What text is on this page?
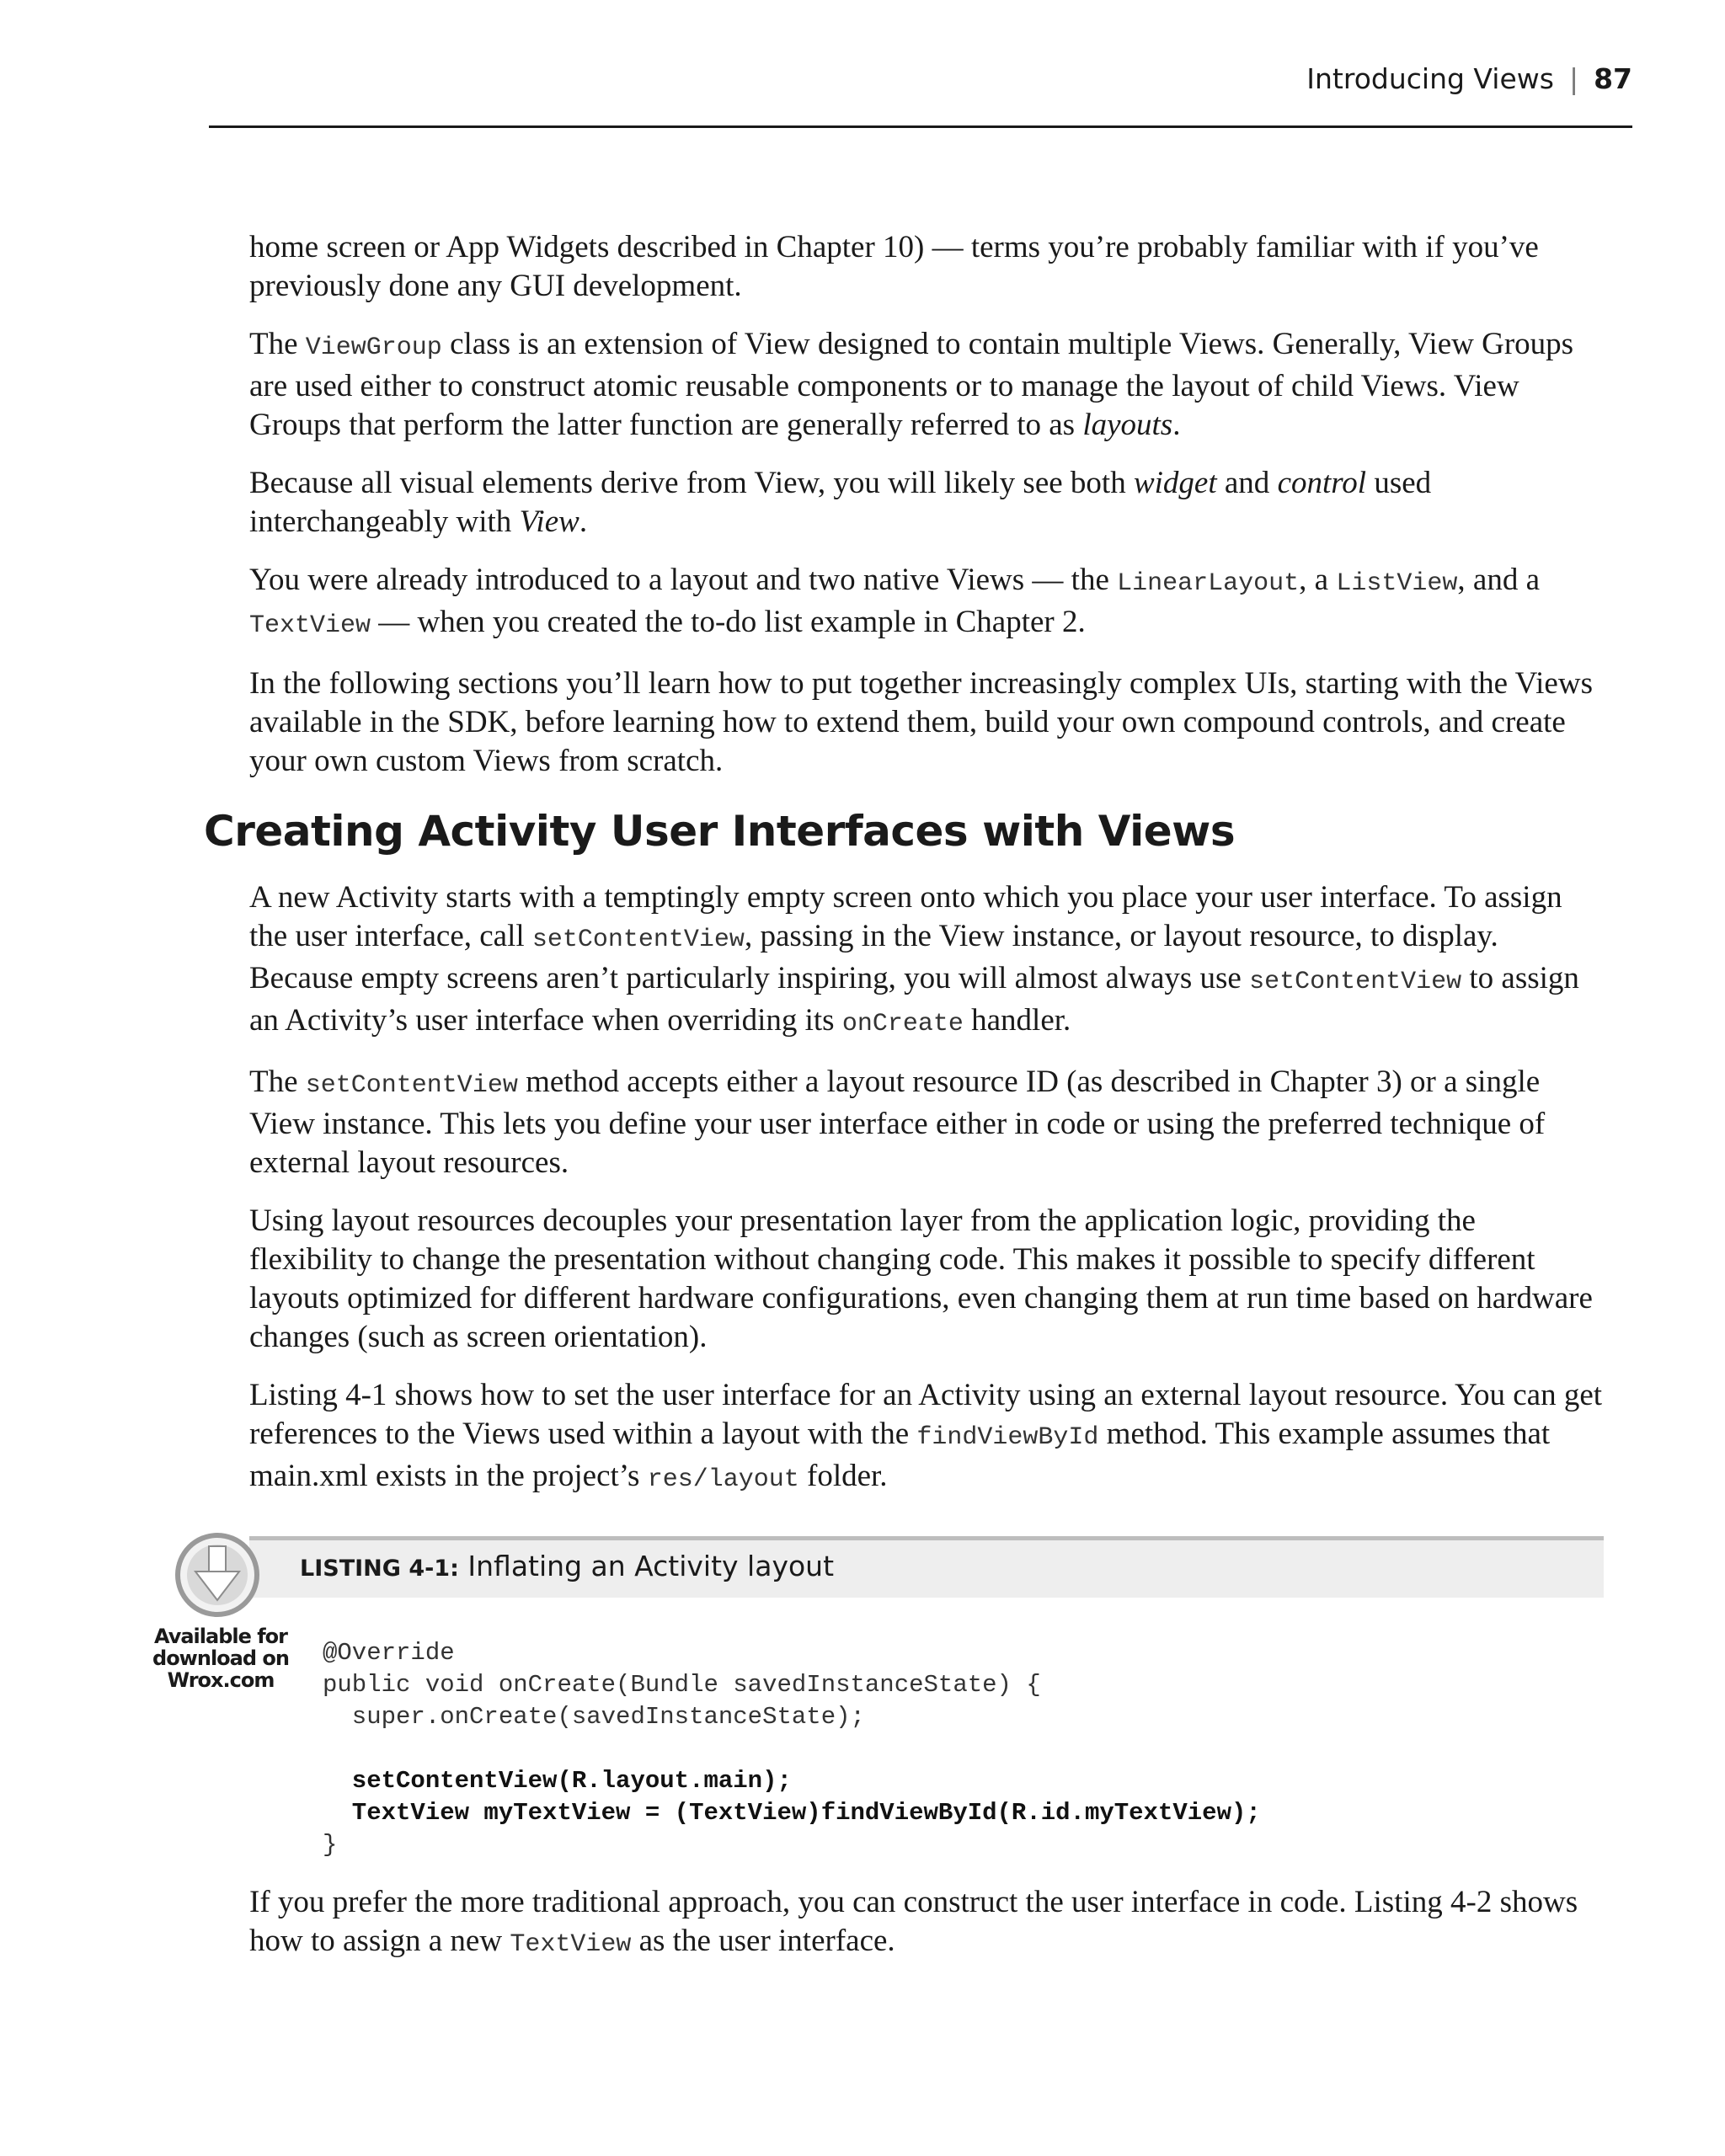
Introducing Views | 87

home screen or App Widgets described in Chapter 10) — terms you’re probably familiar with if you’ve previously done any GUI development.

The ViewGroup class is an extension of View designed to contain multiple Views. Generally, View Groups are used either to construct atomic reusable components or to manage the layout of child Views. View Groups that perform the latter function are generally referred to as layouts.

Because all visual elements derive from View, you will likely see both widget and control used interchangeably with View.

You were already introduced to a layout and two native Views — the LinearLayout, a ListView, and a TextView — when you created the to-do list example in Chapter 2.

In the following sections you’ll learn how to put together increasingly complex UIs, starting with the Views available in the SDK, before learning how to extend them, build your own compound controls, and create your own custom Views from scratch.

Creating Activity User Interfaces with Views

A new Activity starts with a temptingly empty screen onto which you place your user interface. To assign the user interface, call setContentView, passing in the View instance, or layout resource, to display. Because empty screens aren’t particularly inspiring, you will almost always use setContentView to assign an Activity’s user interface when overriding its onCreate handler.

The setContentView method accepts either a layout resource ID (as described in Chapter 3) or a single View instance. This lets you define your user interface either in code or using the preferred technique of external layout resources.

Using layout resources decouples your presentation layer from the application logic, providing the flexibility to change the presentation without changing code. This makes it possible to specify different layouts optimized for different hardware configurations, even changing them at run time based on hardware changes (such as screen orientation).

Listing 4-1 shows how to set the user interface for an Activity using an external layout resource. You can get references to the Views used within a layout with the findViewById method. This example assumes that main.xml exists in the project’s res/layout folder.

LISTING 4-1: Inflating an Activity layout
Available for
download on
Wrox.com
@Override
public void onCreate(Bundle savedInstanceState) {
super.onCreate(savedInstanceState);

setContentView(R.layout.main);
TextView myTextView = (TextView)findViewById(R.id.myTextView);
}

If you prefer the more traditional approach, you can construct the user interface in code. Listing 4-2 shows how to assign a new TextView as the user interface.
